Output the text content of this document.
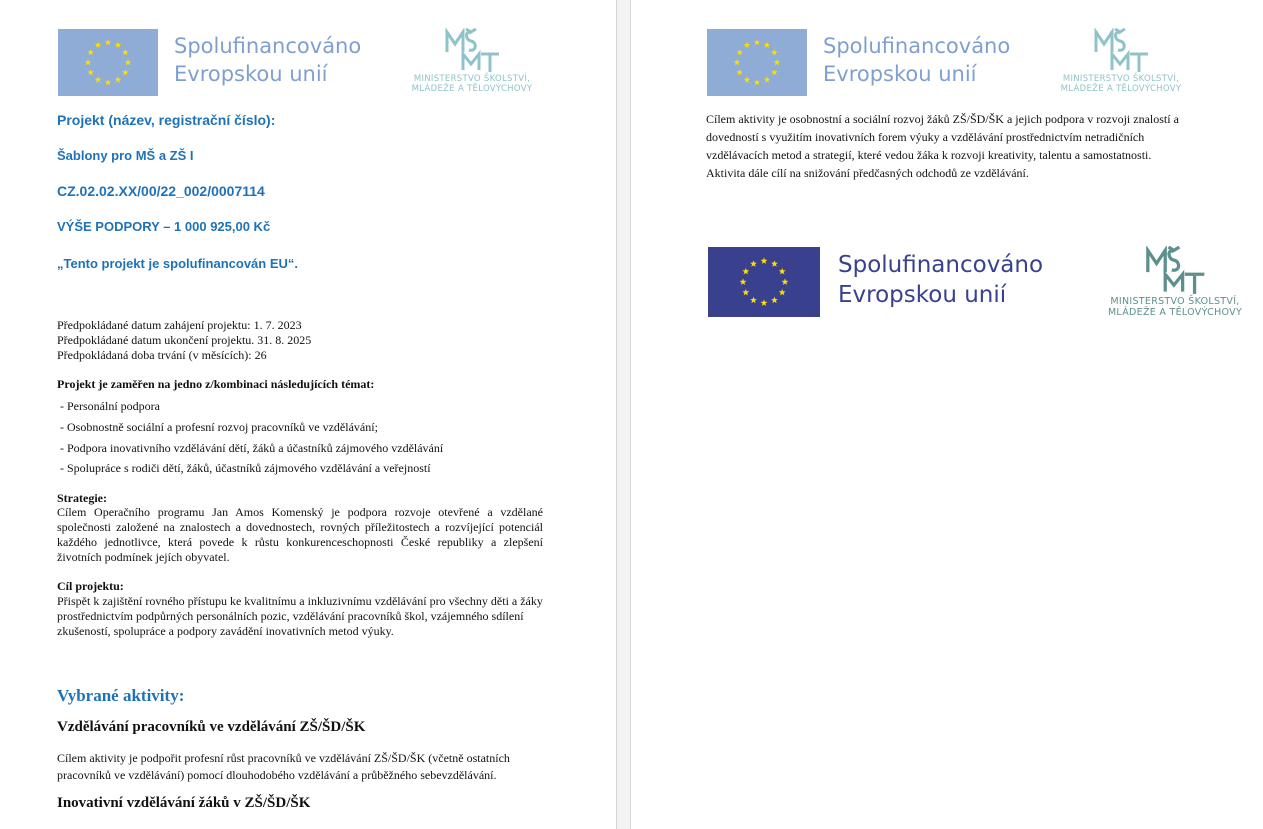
Spolufinancováno
Evropskou unií	MINISTERSTVO ŠKOLSTVÍ,
MLÁDEŽE A TĚLOVÝCHOVY
Projekt (název, registrační číslo):
Šablony pro MŠ a ZŠ I
CZ.02.02.XX/00/22_002/0007114
VÝŠE PODPORY – 1 000 925,00 Kč
„Tento projekt je spolufinancován EU“.
Předpokládané datum zahájení projektu: 1. 7. 2023
Předpokládané datum ukončení projektu. 31. 8. 2025
Předpokládaná doba trvání (v měsících): 26
Projekt je zaměřen na jedno z/kombinaci následujících témat:
- Personální podpora
- Osobnostně sociální a profesní rozvoj pracovníků ve vzdělávání;
- Podpora inovativního vzdělávání dětí, žáků a účastníků zájmového vzdělávání
- Spolupráce s rodiči dětí, žáků, účastníků zájmového vzdělávání a veřejností
Strategie:
Cílem Operačního programu Jan Amos Komenský je podpora rozvoje otevřené a vzdělané společnosti založené na znalostech a dovednostech, rovných příležitostech a rozvíjející potenciál každého jednotlivce, která povede k růstu konkurenceschopnosti České republiky a zlepšení životních podmínek jejích obyvatel.
Cíl projektu:
Přispět k zajištění rovného přístupu ke kvalitnímu a inkluzivnímu vzdělávání pro všechny děti a žáky prostřednictvím podpůrných personálních pozic, vzdělávání pracovníků škol, vzájemného sdílení zkušeností, spolupráce a podpory zavádění inovativních metod výuky.
Vybrané aktivity:
Vzdělávání pracovníků ve vzdělávání ZŠ/ŠD/ŠK
Cílem aktivity je podpořit profesní růst pracovníků ve vzdělávání ZŠ/ŠD/ŠK (včetně ostatních pracovníků ve vzdělávání) pomocí dlouhodobého vzdělávání a průběžného sebevzdělávání.
Inovativní vzdělávání žáků v ZŠ/ŠD/ŠK
Spolufinancováno
Evropskou unií	MINISTERSTVO ŠKOLSTVÍ,
MLÁDEŽE A TĚLOVÝCHOVY
Cílem aktivity je osobnostní a sociální rozvoj žáků ZŠ/ŠD/ŠK a jejich podpora v rozvoji znalostí a dovedností s využitím inovativních forem výuky a vzdělávání prostřednictvím netradičních vzdělávacích metod a strategií, které vedou žáka k rozvoji kreativity, talentu a samostatnosti. Aktivita dále cílí na snižování předčasných odchodů ze vzdělávání.
Spolufinancováno
Evropskou unií	MINISTERSTVO ŠKOLSTVÍ,
MLÁDEŽE A TĚLOVÝCHOVY
